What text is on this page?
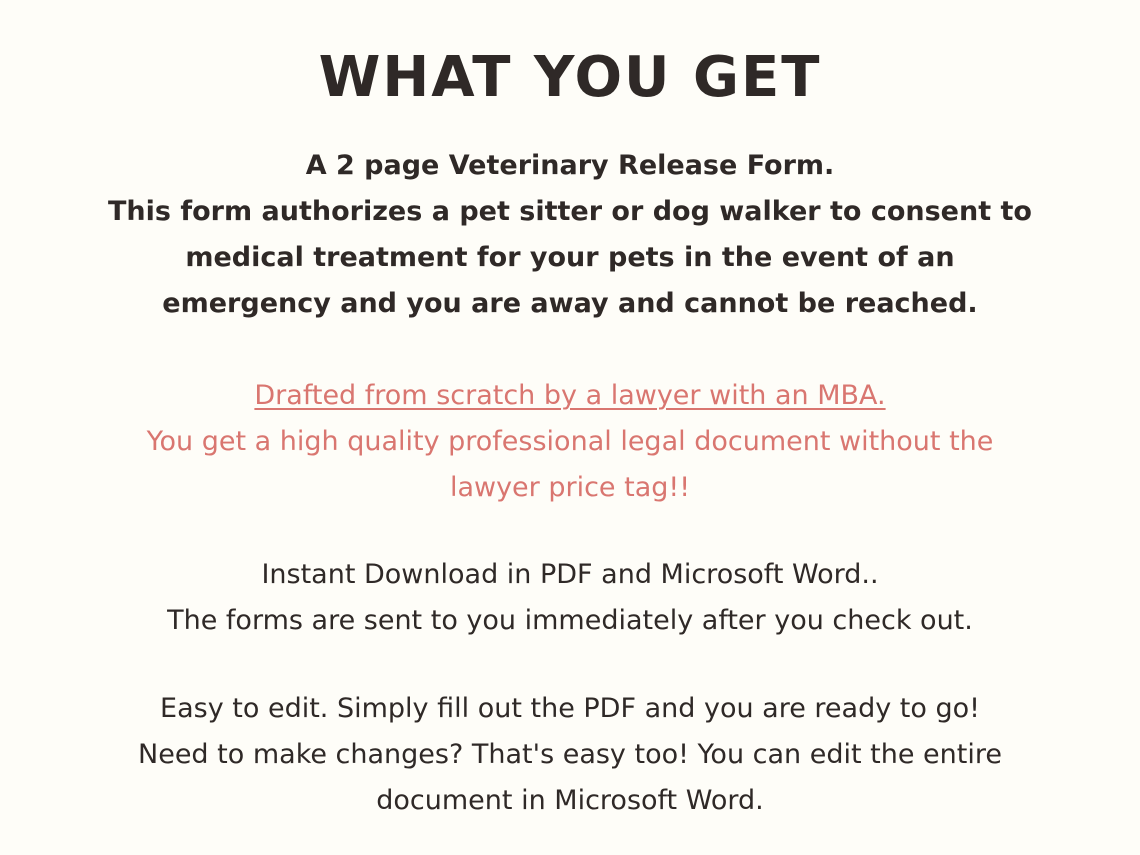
WHAT YOU GET
A 2 page Veterinary Release Form.
This form authorizes a pet sitter or dog walker to consent to
medical treatment for your pets in the event of an
emergency and you are away and cannot be reached.
Drafted from scratch by a lawyer with an MBA.
You get a high quality professional legal document without the
lawyer price tag!!
Instant Download in PDF and Microsoft Word..
The forms are sent to you immediately after you check out.
Easy to edit. Simply fill out the PDF and you are ready to go!
Need to make changes? That's easy too! You can edit the entire
document in Microsoft Word.
